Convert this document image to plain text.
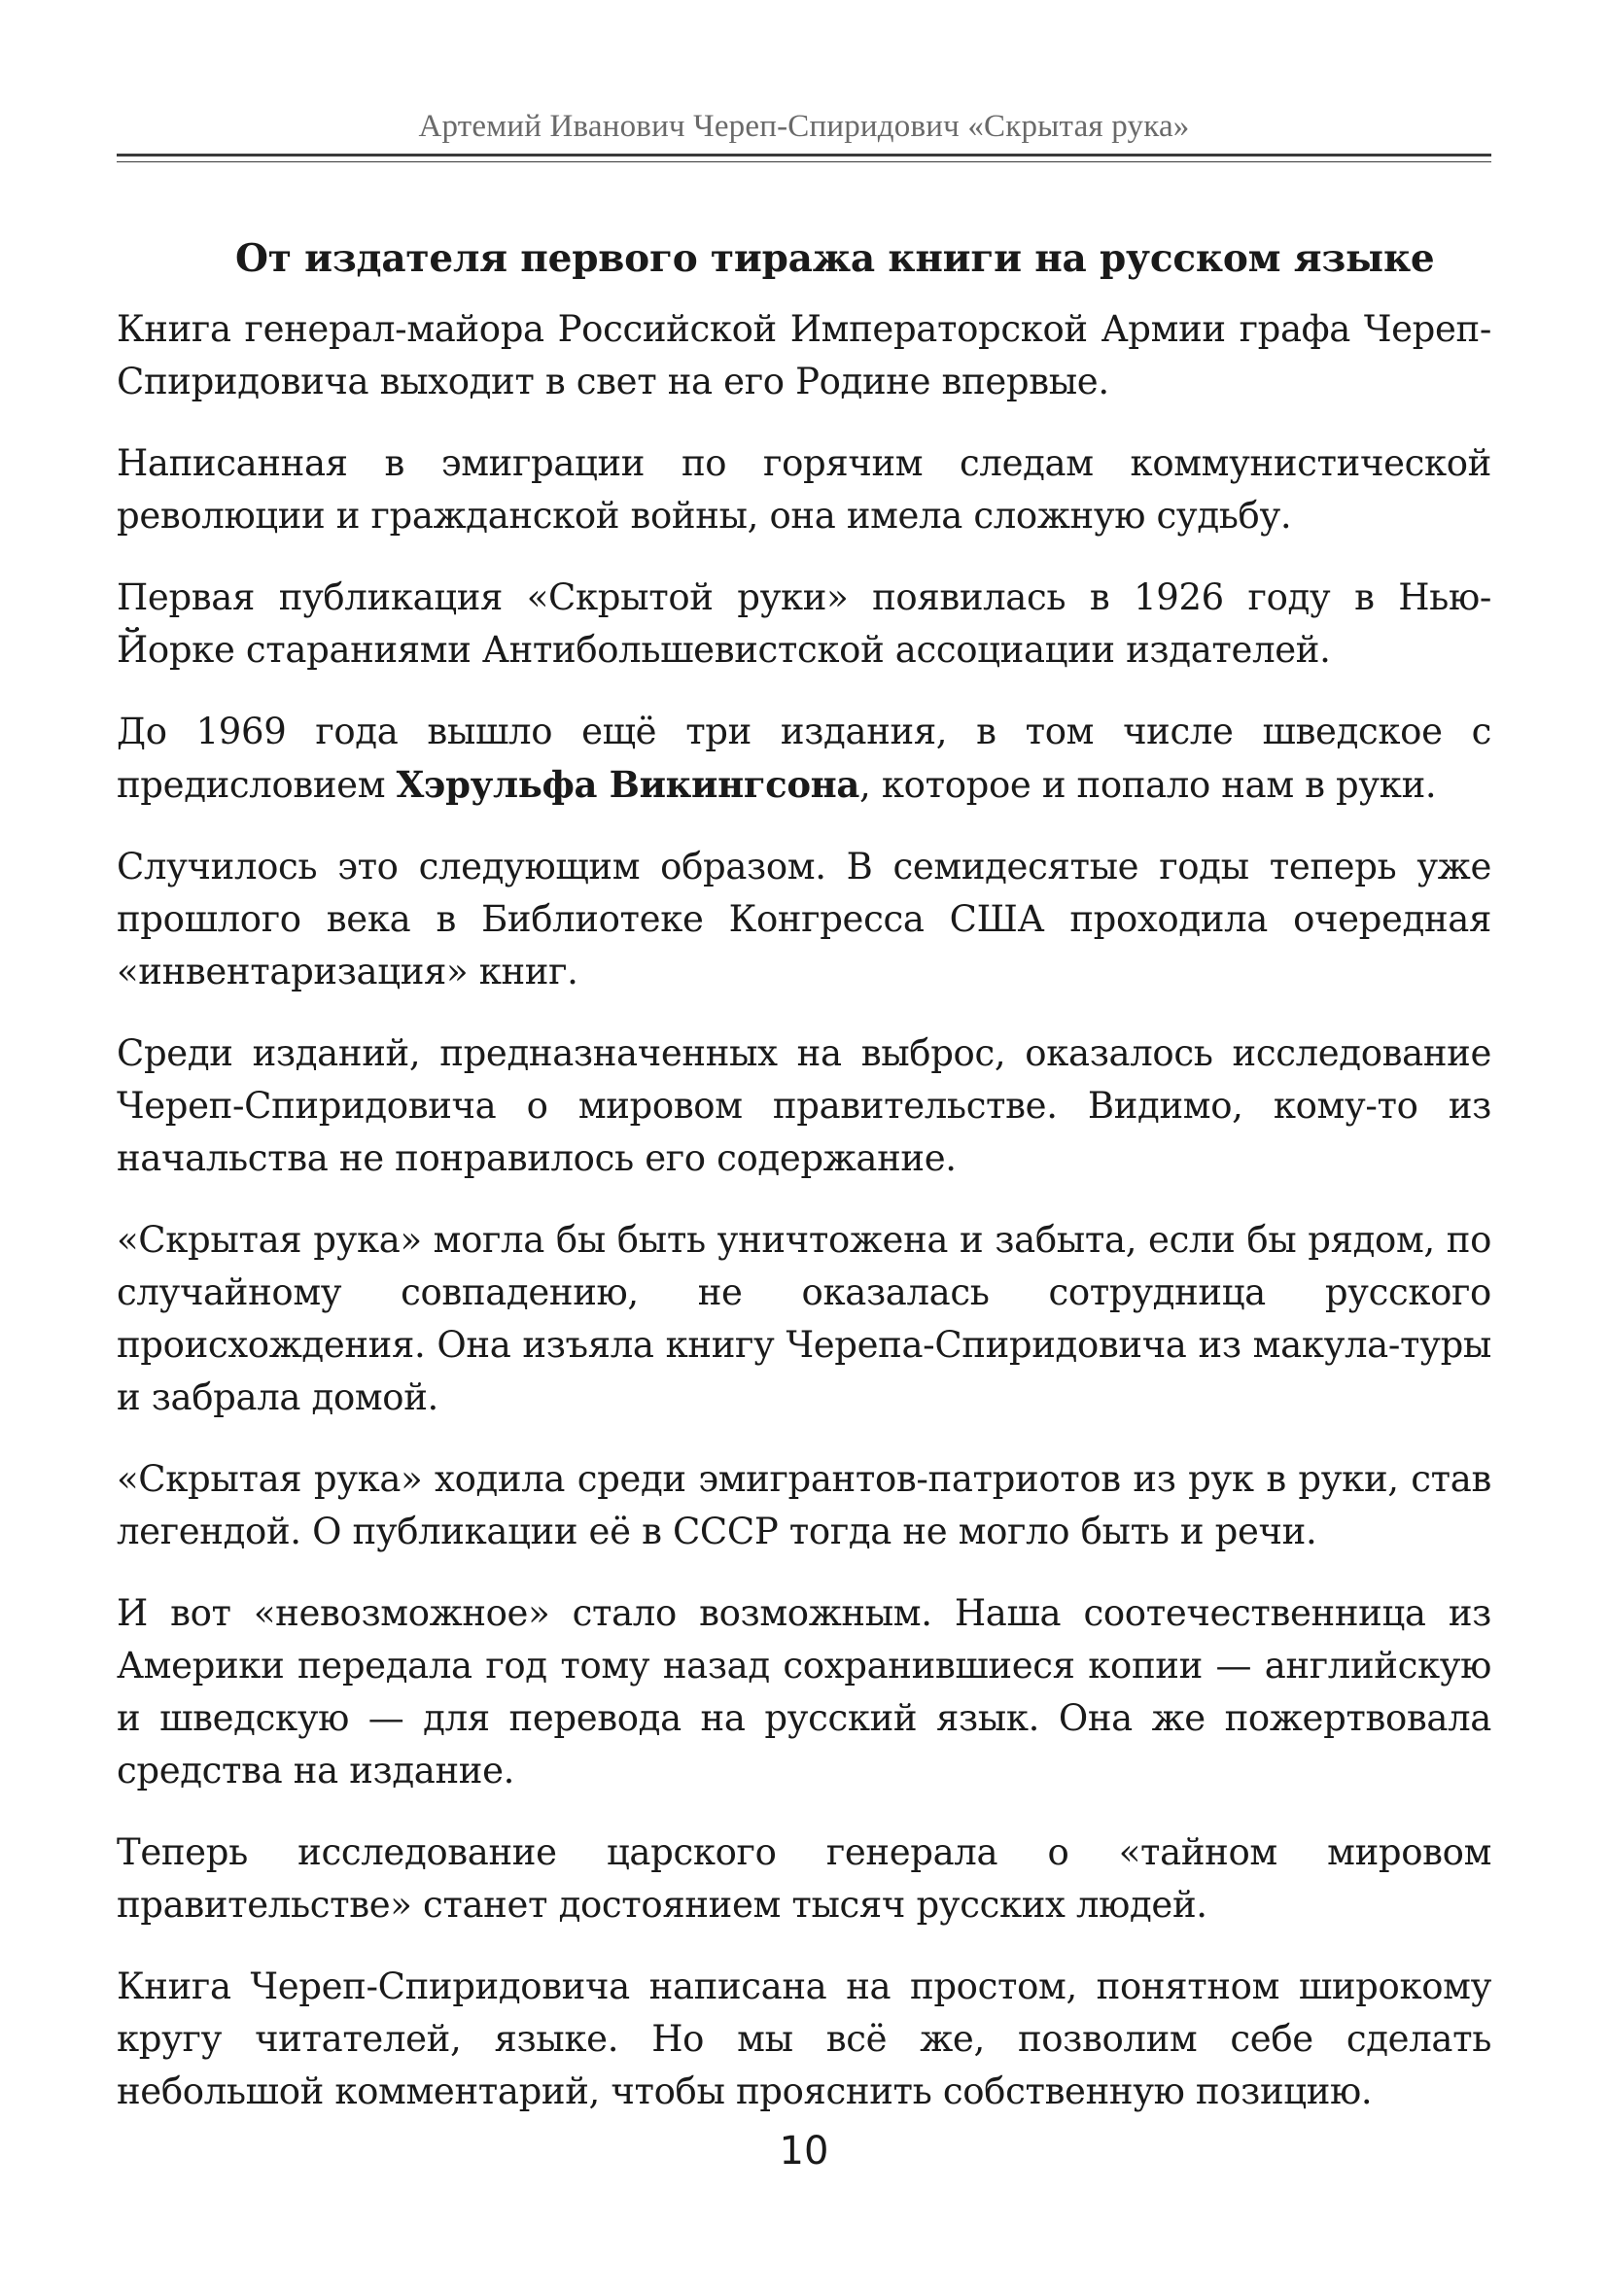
Артемий Иванович Череп-Спиридович «Скрытая рука»
От издателя первого тиража книги на русском языке

Книга генерал-майора Российской Императорской Армии графа Череп-Спиридовича выходит в свет на его Родине впервые.

Написанная в эмиграции по горячим следам коммунистической революции и гражданской войны, она имела сложную судьбу.

Первая публикация «Скрытой руки» появилась в 1926 году в Нью-Йорке стараниями Антибольшевистской ассоциации издателей.

До 1969 года вышло ещё три издания, в том числе шведское с предисловием Хэрульфа Викингсона, которое и попало нам в руки.

Случилось это следующим образом. В семидесятые годы теперь уже прошлого века в Библиотеке Конгресса США проходила очередная «инвентаризация» книг.

Среди изданий, предназначенных на выброс, оказалось исследование Череп-Спиридовича о мировом правительстве. Видимо, кому-то из начальства не понравилось его содержание.

«Скрытая рука» могла бы быть уничтожена и забыта, если бы рядом, по случайному совпадению, не оказалась сотрудница русского происхождения. Она изъяла книгу Черепа-Спиридовича из макула-туры и забрала домой.

«Скрытая рука» ходила среди эмигрантов-патриотов из рук в руки, став легендой. О публикации её в СССР тогда не могло быть и речи.

И вот «невозможное» стало возможным. Наша соотечественница из Америки передала год тому назад сохранившиеся копии — английскую и шведскую — для перевода на русский язык. Она же пожертвовала средства на издание.

Теперь исследование царского генерала о «тайном мировом правительстве» станет достоянием тысяч русских людей.

Книга Череп-Спиридовича написана на простом, понятном широкому кругу читателей, языке. Но мы всё же, позволим себе сделать небольшой комментарий, чтобы прояснить собственную позицию.

10
